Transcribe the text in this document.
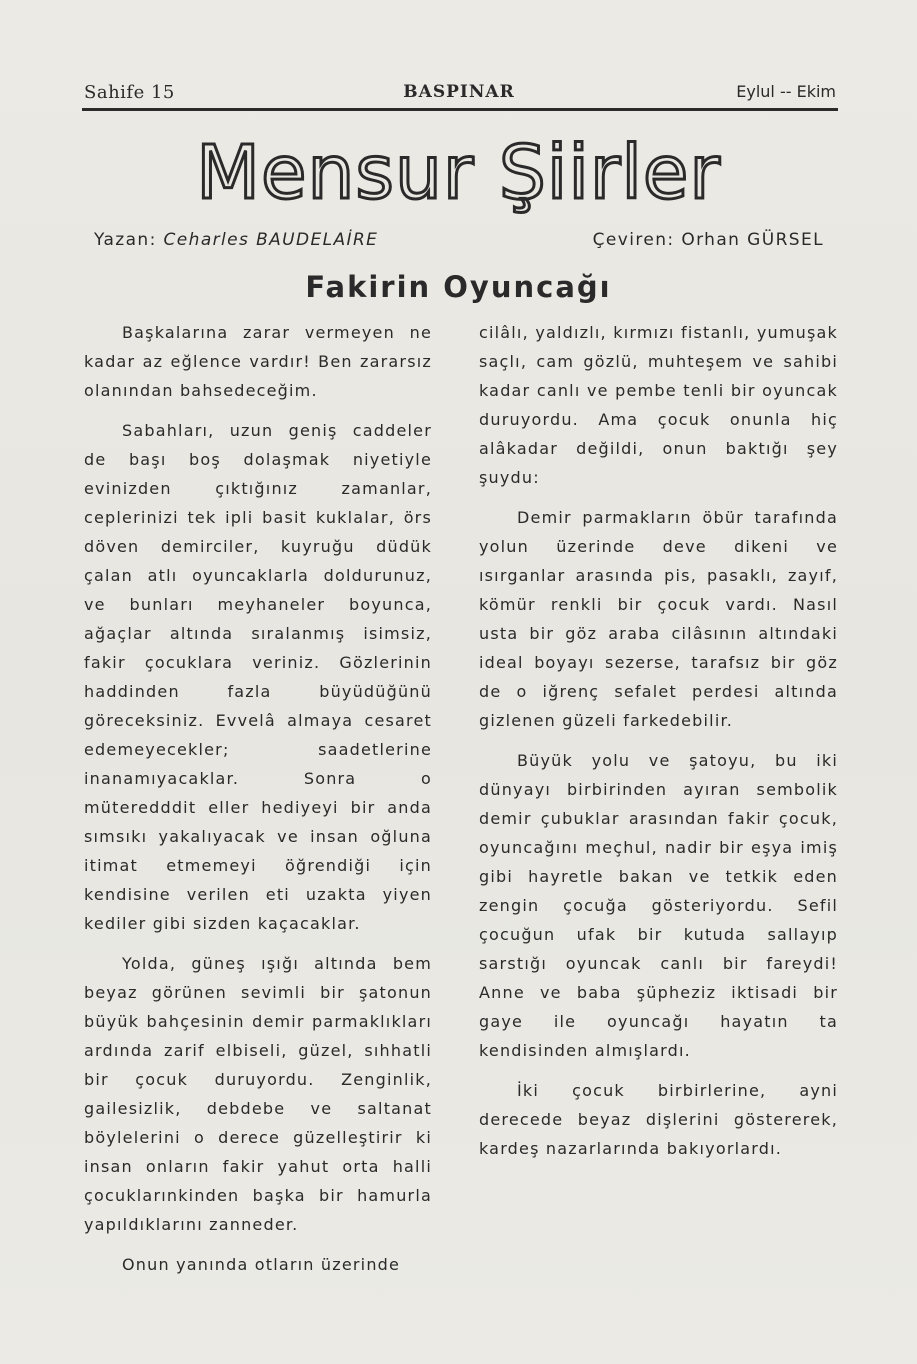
Sahife 15	BASPINAR	Eylul -- Ekim
Mensur Şiirler
Yazan: Ceharles BAUDELAİRE	Çeviren: Orhan GÜRSEL
Fakirin Oyuncağı

Başkalarına zarar vermeyen ne kadar az eğlence vardır! Ben zararsız olanından bahsedeceğim.

Sabahları, uzun geniş caddeler de başı boş dolaşmak niyetiyle evinizden çıktığınız zamanlar, ceplerinizi tek ipli basit kuklalar, örs döven demirciler, kuyruğu düdük çalan atlı oyuncaklarla doldurunuz, ve bunları meyhaneler boyunca, ağaçlar altında sıralanmış isimsiz, fakir çocuklara veriniz. Gözlerinin haddinden fazla büyüdüğünü göreceksiniz. Evvelâ almaya cesaret edemeyecekler; saadetlerine inanamıyacaklar. Sonra o müteredddit eller hediyeyi bir anda sımsıkı yakalıyacak ve insan oğluna itimat etmemeyi öğrendiği için kendisine verilen eti uzakta yiyen kediler gibi sizden kaçacaklar.

Yolda, güneş ışığı altında bem beyaz görünen sevimli bir şatonun büyük bahçesinin demir parmaklıkları ardında zarif elbiseli, güzel, sıhhatli bir çocuk duruyordu. Zenginlik, gailesizlik, debdebe ve saltanat böylelerini o derece güzelleştirir ki insan onların fakir yahut orta halli çocuklarınkinden başka bir hamurla yapıldıklarını zanneder.

Onun yanında otların üzerinde

cilâlı, yaldızlı, kırmızı fistanlı, yumuşak saçlı, cam gözlü, muhteşem ve sahibi kadar canlı ve pembe tenli bir oyuncak duruyordu. Ama çocuk onunla hiç alâkadar değildi, onun baktığı şey şuydu:

Demir parmakların öbür tarafında yolun üzerinde deve dikeni ve ısırganlar arasında pis, pasaklı, zayıf, kömür renkli bir çocuk vardı. Nasıl usta bir göz araba cilâsının altındaki ideal boyayı sezerse, tarafsız bir göz de o iğrenç sefalet perdesi altında gizlenen güzeli farkedebilir.

Büyük yolu ve şatoyu, bu iki dünyayı birbirinden ayıran sembolik demir çubuklar arasından fakir çocuk, oyuncağını meçhul, nadir bir eşya imiş gibi hayretle bakan ve tetkik eden zengin çocuğa gösteriyordu. Sefil çocuğun ufak bir kutuda sallayıp sarstığı oyuncak canlı bir fareydi! Anne ve baba şüpheziz iktisadi bir gaye ile oyuncağı hayatın ta kendisinden almışlardı.

İki çocuk birbirlerine, ayni derecede beyaz dişlerini göstererek, kardeş nazarlarında bakıyorlardı.
